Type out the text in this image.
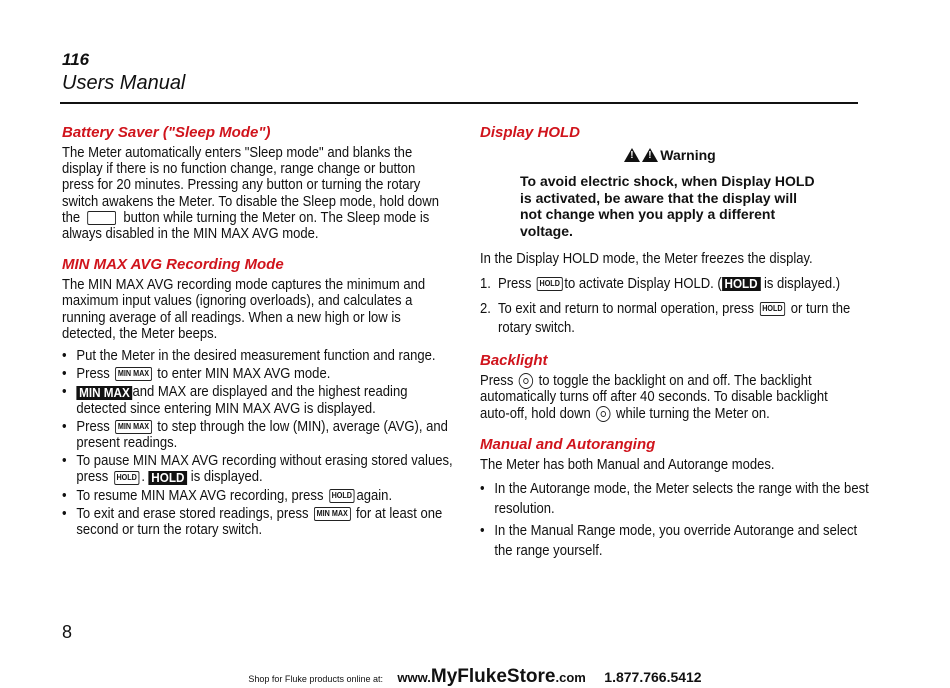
116
Users Manual
Battery Saver ("Sleep Mode")

The Meter automatically enters "Sleep mode" and blanks the display if there is no function change, range change or button press for 20 minutes. Pressing any button or turning the rotary switch awakens the Meter. To disable the Sleep mode, hold down the	button while turning the Meter on. The Sleep mode is always disabled in the MIN MAX AVG mode.

MIN MAX AVG Recording Mode

The MIN MAX AVG recording mode captures the minimum and maximum input values (ignoring overloads), and calculates a running average of all readings. When a new high or low is detected, the Meter beeps.

• Put the Meter in the desired measurement function and range.
• Press MIN MAX to enter MIN MAX AVG mode.
• MIN MAX and MAX are displayed and the highest reading detected since entering MIN MAX AVG is displayed.
• Press MIN MAX to step through the low (MIN), average (AVG), and present readings.
• To pause MIN MAX AVG recording without erasing stored values, press HOLD . HOLD is displayed.
• To resume MIN MAX AVG recording, press HOLD again.
• To exit and erase stored readings, press MIN MAX for at least one second or turn the rotary switch.
Display HOLD
!!Warning
To avoid electric shock, when Display HOLD is activated, be aware that the display will not change when you apply a different voltage.

In the Display HOLD mode, the Meter freezes the display.

1. Press HOLD to activate Display HOLD. ( HOLD is displayed.)
2. To exit and return to normal operation, press HOLD or turn the rotary switch.
Backlight

Press to toggle the backlight on and off. The backlight automatically turns off after 40 seconds. To disable backlight auto-off, hold down while turning the Meter on.

Manual and Autoranging

The Meter has both Manual and Autorange modes.

• In the Autorange mode, the Meter selects the range with the best resolution.
• In the Manual Range mode, you override Autorange and select the range yourself.
8
Shop for Fluke products online at: www.MyFlukeStore.com 1.877.766.5412
